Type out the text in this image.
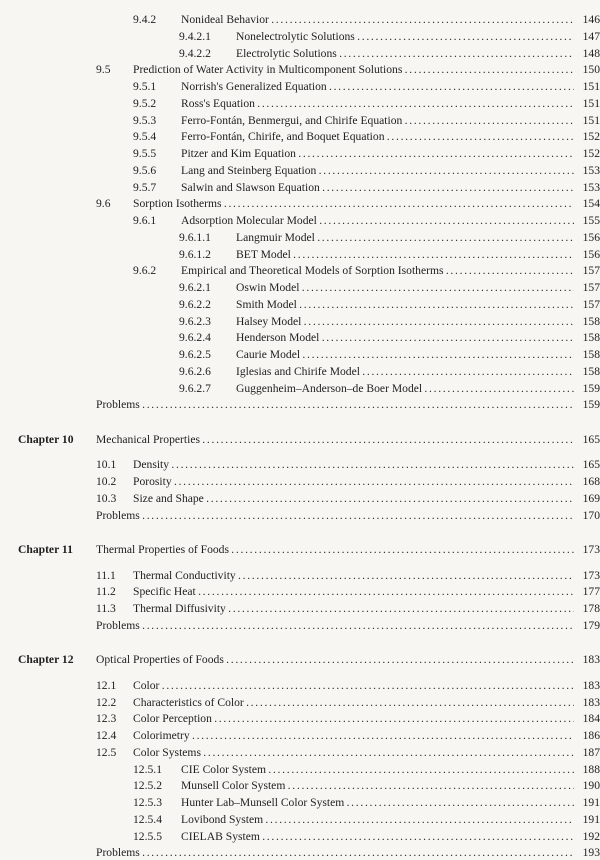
9.4.2 Nonideal Behavior . . .	146
9.4.2.1 Nonelectrolytic Solutions . . .	147
9.4.2.2 Electrolytic Solutions . . .	148
9.5 Prediction of Water Activity in Multicomponent Solutions . . .	150
9.5.1 Norrish's Generalized Equation . . .	151
9.5.2 Ross's Equation . . .	151
9.5.3 Ferro-Fontán, Benmergui, and Chirife Equation . . .	151
9.5.4 Ferro-Fontán, Chirife, and Boquet Equation . . .	152
9.5.5 Pitzer and Kim Equation . . .	152
9.5.6 Lang and Steinberg Equation . . .	153
9.5.7 Salwin and Slawson Equation . . .	153
9.6 Sorption Isotherms . . .	154
9.6.1 Adsorption Molecular Model . . .	155
9.6.1.1 Langmuir Model . . .	156
9.6.1.2 BET Model . . .	156
9.6.2 Empirical and Theoretical Models of Sorption Isotherms . . .	157
9.6.2.1 Oswin Model . . .	157
9.6.2.2 Smith Model . . .	157
9.6.2.3 Halsey Model . . .	158
9.6.2.4 Henderson Model . . .	158
9.6.2.5 Caurie Model . . .	158
9.6.2.6 Iglesias and Chirife Model . . .	158
9.6.2.7 Guggenheim–Anderson–de Boer Model . . .	159
Problems . . .	159
Chapter 10 Mechanical Properties . . .	165
10.1 Density . . .	165
10.2 Porosity . . .	168
10.3 Size and Shape . . .	169
Problems . . .	170
Chapter 11 Thermal Properties of Foods . . .	173
11.1 Thermal Conductivity . . .	173
11.2 Specific Heat . . .	177
11.3 Thermal Diffusivity . . .	178
Problems . . .	179
Chapter 12 Optical Properties of Foods . . .	183
12.1 Color . . .	183
12.2 Characteristics of Color . . .	183
12.3 Color Perception . . .	184
12.4 Colorimetry . . .	186
12.5 Color Systems . . .	187
12.5.1 CIE Color System . . .	188
12.5.2 Munsell Color System . . .	190
12.5.3 Hunter Lab–Munsell Color System . . .	191
12.5.4 Lovibond System . . .	191
12.5.5 CIELAB System . . .	192
Problems . . .	193
